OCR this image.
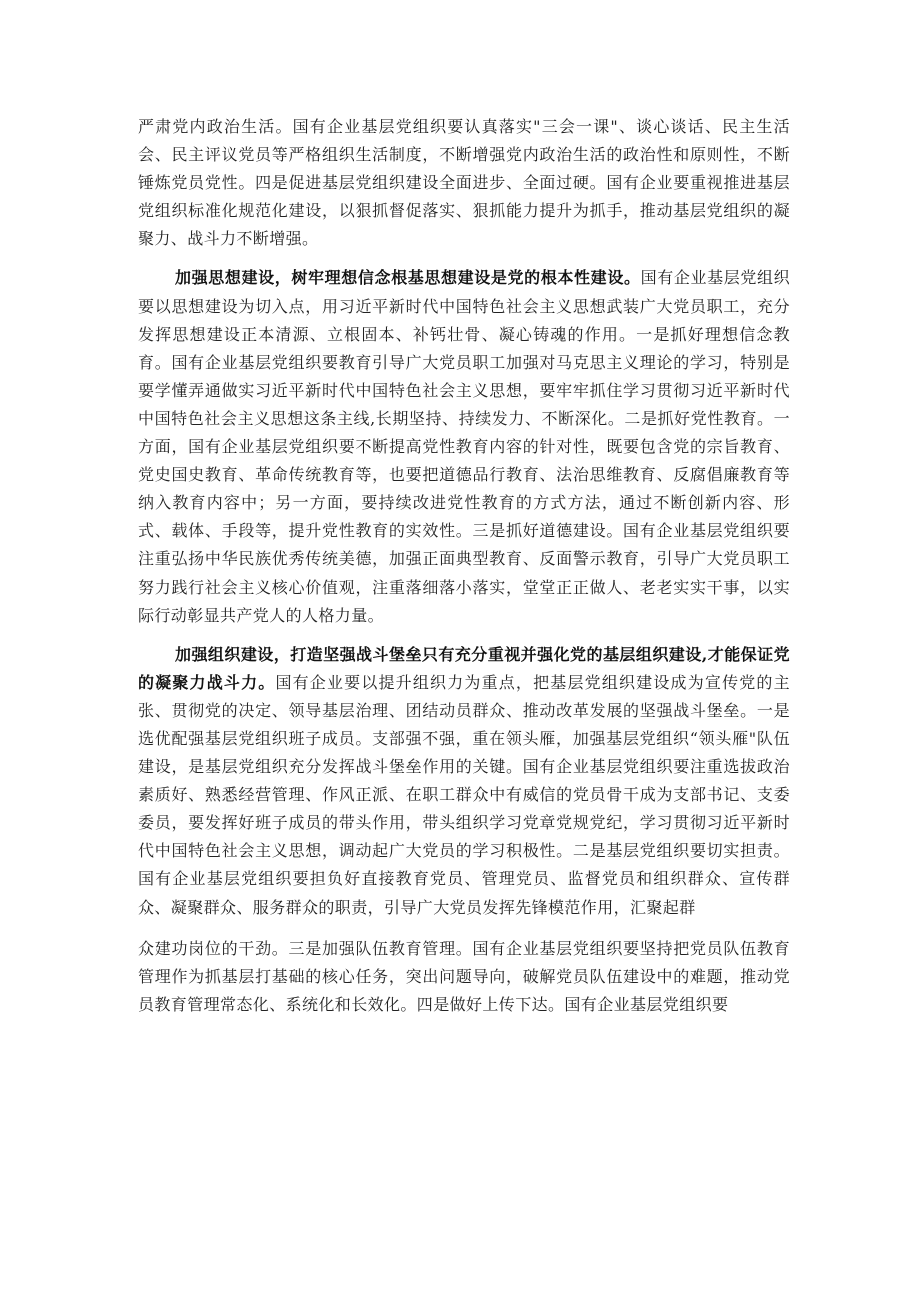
严肃党内政治生活。国有企业基层党组织要认真落实"三会一课"、谈心谈话、民主生活会、民主评议党员等严格组织生活制度，不断增强党内政治生活的政治性和原则性，不断锤炼党员党性。四是促进基层党组织建设全面进步、全面过硬。国有企业要重视推进基层党组织标准化规范化建设，以狠抓督促落实、狠抓能力提升为抓手，推动基层党组织的凝聚力、战斗力不断增强。

加强思想建设，树牢理想信念根基思想建设是党的根本性建设。国有企业基层党组织要以思想建设为切入点，用习近平新时代中国特色社会主义思想武装广大党员职工，充分发挥思想建设正本清源、立根固本、补钙壮骨、凝心铸魂的作用。一是抓好理想信念教育。国有企业基层党组织要教育引导广大党员职工加强对马克思主义理论的学习，特别是要学懂弄通做实习近平新时代中国特色社会主义思想，要牢牢抓住学习贯彻习近平新时代中国特色社会主义思想这条主线,长期坚持、持续发力、不断深化。二是抓好党性教育。一方面，国有企业基层党组织要不断提高党性教育内容的针对性，既要包含党的宗旨教育、党史国史教育、革命传统教育等，也要把道德品行教育、法治思维教育、反腐倡廉教育等纳入教育内容中；另一方面，要持续改进党性教育的方式方法，通过不断创新内容、形式、载体、手段等，提升党性教育的实效性。三是抓好道德建设。国有企业基层党组织要注重弘扬中华民族优秀传统美德，加强正面典型教育、反面警示教育，引导广大党员职工努力践行社会主义核心价值观，注重落细落小落实，堂堂正正做人、老老实实干事，以实际行动彰显共产党人的人格力量。

加强组织建设，打造坚强战斗堡垒只有充分重视并强化党的基层组织建设,才能保证党的凝聚力战斗力。国有企业要以提升组织力为重点，把基层党组织建设成为宣传党的主张、贯彻党的决定、领导基层治理、团结动员群众、推动改革发展的坚强战斗堡垒。一是选优配强基层党组织班子成员。支部强不强，重在领头雁，加强基层党组织“领头雁"队伍建设，是基层党组织充分发挥战斗堡垒作用的关键。国有企业基层党组织要注重选拔政治素质好、熟悉经营管理、作风正派、在职工群众中有威信的党员骨干成为支部书记、支委委员，要发挥好班子成员的带头作用，带头组织学习党章党规党纪，学习贯彻习近平新时代中国特色社会主义思想，调动起广大党员的学习积极性。二是基层党组织要切实担责。国有企业基层党组织要担负好直接教育党员、管理党员、监督党员和组织群众、宣传群众、凝聚群众、服务群众的职责，引导广大党员发挥先锋模范作用，汇聚起群

众建功岗位的干劲。三是加强队伍教育管理。国有企业基层党组织要坚持把党员队伍教育管理作为抓基层打基础的核心任务，突出问题导向，破解党员队伍建设中的难题，推动党员教育管理常态化、系统化和长效化。四是做好上传下达。国有企业基层党组织要
